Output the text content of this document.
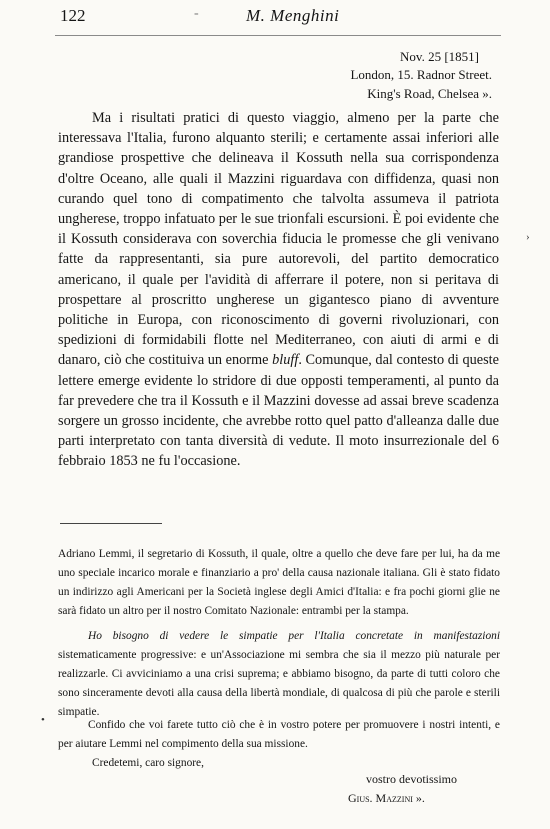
122	-	M. Menghini
Nov. 25 [1851]
London, 15. Radnor Street.
King's Road, Chelsea ».

Ma i risultati pratici di questo viaggio, almeno per la parte che interessava l'Italia, furono alquanto sterili; e certamente assai inferiori alle grandiose prospettive che delineava il Kossuth nella sua corrispondenza d'oltre Oceano, alle quali il Mazzini riguardava con diffidenza, quasi non curando quel tono di compatimento che talvolta assumeva il patriota ungherese, troppo infatuato per le sue trionfali escursioni. È poi evidente che il Kossuth considerava con soverchia fiducia le promesse che gli venivano fatte da rappresentanti, sia pure autorevoli, del partito democratico americano, il quale per l'avidità di afferrare il potere, non si peritava di prospettare al proscritto ungherese un gigantesco piano di avventure politiche in Europa, con riconoscimento di governi rivoluzionari, con spedizioni di formidabili flotte nel Mediterraneo, con aiuti di armi e di danaro, ciò che costituiva un enorme bluff. Comunque, dal contesto di queste lettere emerge evidente lo stridore di due opposti temperamenti, al punto da far prevedere che tra il Kossuth e il Mazzini dovesse ad assai breve scadenza sorgere un grosso incidente, che avrebbe rotto quel patto d'alleanza dalle due parti interpretato con tanta diversità di vedute. Il moto insurrezionale del 6 febbraio 1853 ne fu l'occasione.

Adriano Lemmi, il segretario di Kossuth, il quale, oltre a quello che deve fare per lui, ha da me uno speciale incarico morale e finanziario a pro' della causa nazionale italiana. Gli è stato fidato un indirizzo agli Americani per la Società inglese degli Amici d'Italia: e fra pochi giorni glie ne sarà fidato un altro per il nostro Comitato Nazionale: entrambi per la stampa.

Ho bisogno di vedere le simpatie per l'Italia concretate in manifestazioni sistematicamente progressive: e un'Associazione mi sembra che sia il mezzo più naturale per realizzarle. Ci avviciniamo a una crisi suprema; e abbiamo bisogno, da parte di tutti coloro che sono sinceramente devoti alla causa della libertà mondiale, di qualcosa di più che parole e sterili simpatie.

Confido che voi farete tutto ciò che è in vostro potere per promuovere i nostri intenti, e per aiutare Lemmi nel compimento della sua missione.

Credetemi, caro signore,

vostro devotissimo
Gius. Mazzini ».
›
•
